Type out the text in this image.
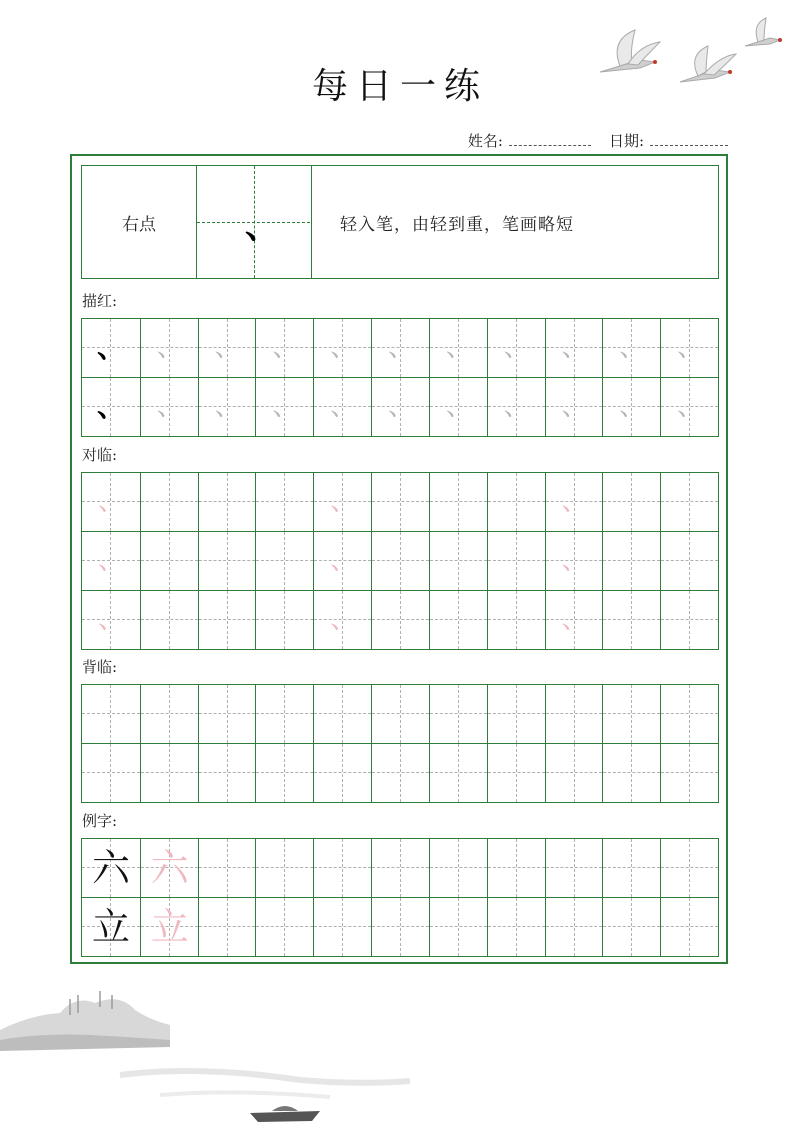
每日一练
姓名:	日期:
右点	、	轻入笔，由轻到重，笔画略短
描红:
、	、	、	、	、	、	、	、	、	、	、
、	、	、	、	、	、	、	、	、	、	、
对临:
、	、	、
、	、	、
、	、	、
背临:
例字:
六 六
立 立
